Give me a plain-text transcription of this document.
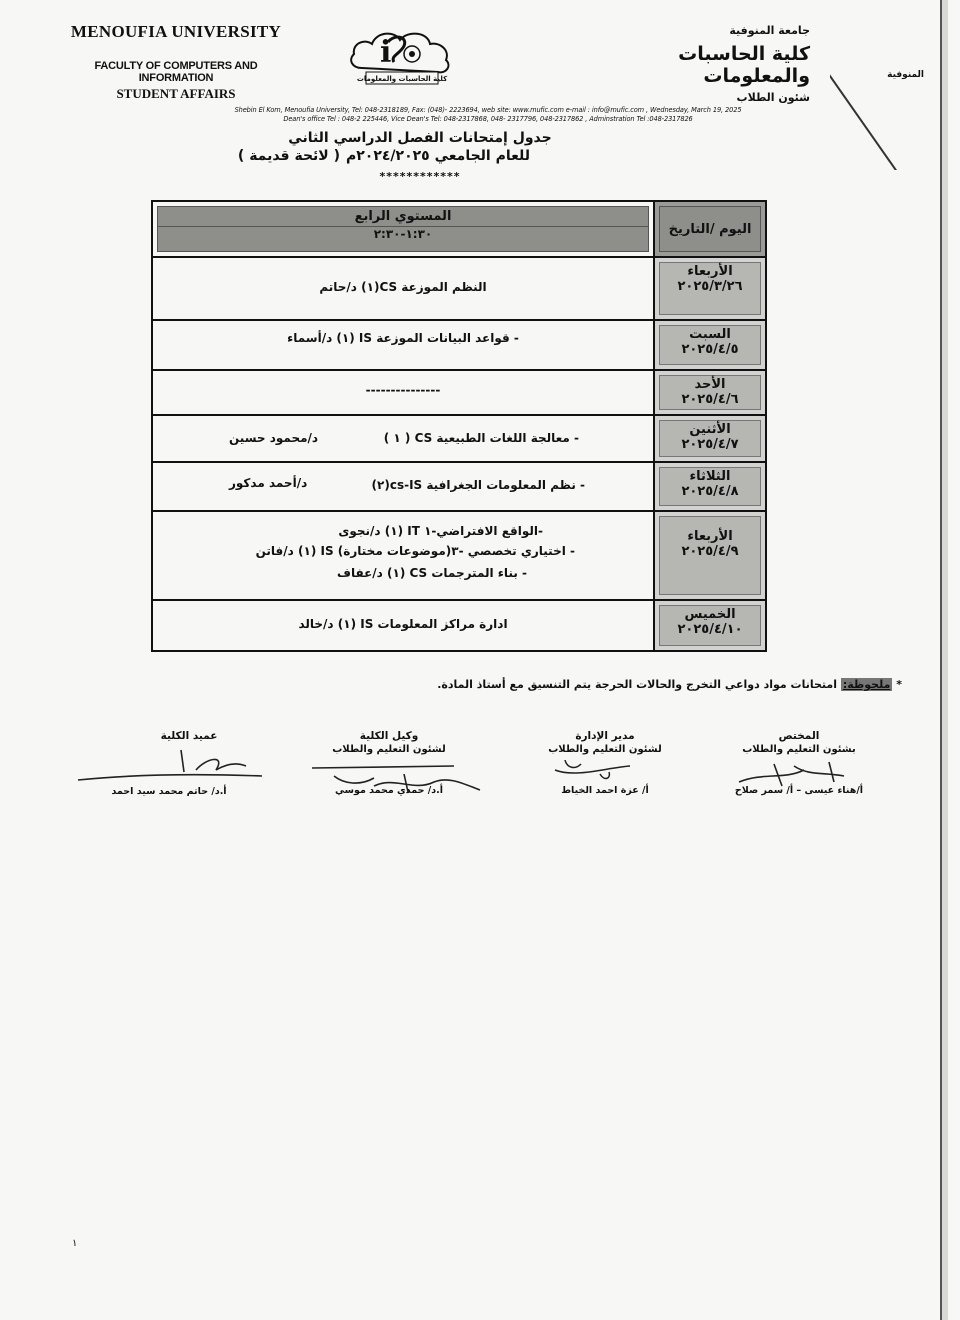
المنوفية
MENOUFIA UNIVERSITY
FACULTY OF COMPUTERS AND INFORMATION
STUDENT AFFAIRS
i
كلية الحاسبات والمعلومات
جامعة المنوفية
كلية الحاسبات والمعلومات
شئون الطلاب
Shebin El Kom, Menoufia University, Tel: 048-2318189, Fax: (048)- 2223694, web site: www.mufic.com e-mail : info@mufic.com , Wednesday, March 19, 2025
Dean's office Tel : 048-2 225446, Vice Dean's Tel: 048-2317868, 048- 2317796, 048-2317862 , Adminstration Tel :048-2317826
جدول إمتحانات الفصل الدراسي الثاني
للعام الجامعي ٢٠٢٤/٢٠٢٥م
( لائحة قديمة )
************
اليوم /التاريخ
المستوي الرابع
١:٣٠-٢:٣٠
الأربعاء
٢٠٢٥/٣/٢٦
النظم الموزعة CS(١) د/حاتم
السبت
٢٠٢٥/٤/٥
- قواعد البيانات الموزعة IS (١) د/أسماء
الأحد
٢٠٢٥/٤/٦
---------------
الأثنين
٢٠٢٥/٤/٧
- معالجة اللغات الطبيعية CS ( ١ )
د/محمود حسين
الثلاثاء
٢٠٢٥/٤/٨
- نظم المعلومات الجغرافية cs-IS(٢)
د/أحمد مدكور
الأربعاء
٢٠٢٥/٤/٩
-الواقع الافتراضي-١ IT (١) د/نجوى
- اختياري تخصصي -٣(موضوعات مختارة) IS (١) د/فاتن
- بناء المترجمات CS (١) د/عفاف
الخميس
٢٠٢٥/٤/١٠
ادارة مراكز المعلومات IS (١) د/خالد
* ملحوظة: امتحانات مواد دواعي التخرج والحالات الحرجة يتم التنسيق مع أستاذ المادة.
المختص
بشئون التعليم والطلاب
أ/هناء عيسى – أ/ سمر صلاح
مدير الإدارة
لشئون التعليم والطلاب
أ/ عزة احمد الخياط
وكيل الكلية
لشئون التعليم والطلاب
أ.د/ حمدي محمد موسي
عميد الكلية
أ.د/ حاتم محمد سيد احمد
١
